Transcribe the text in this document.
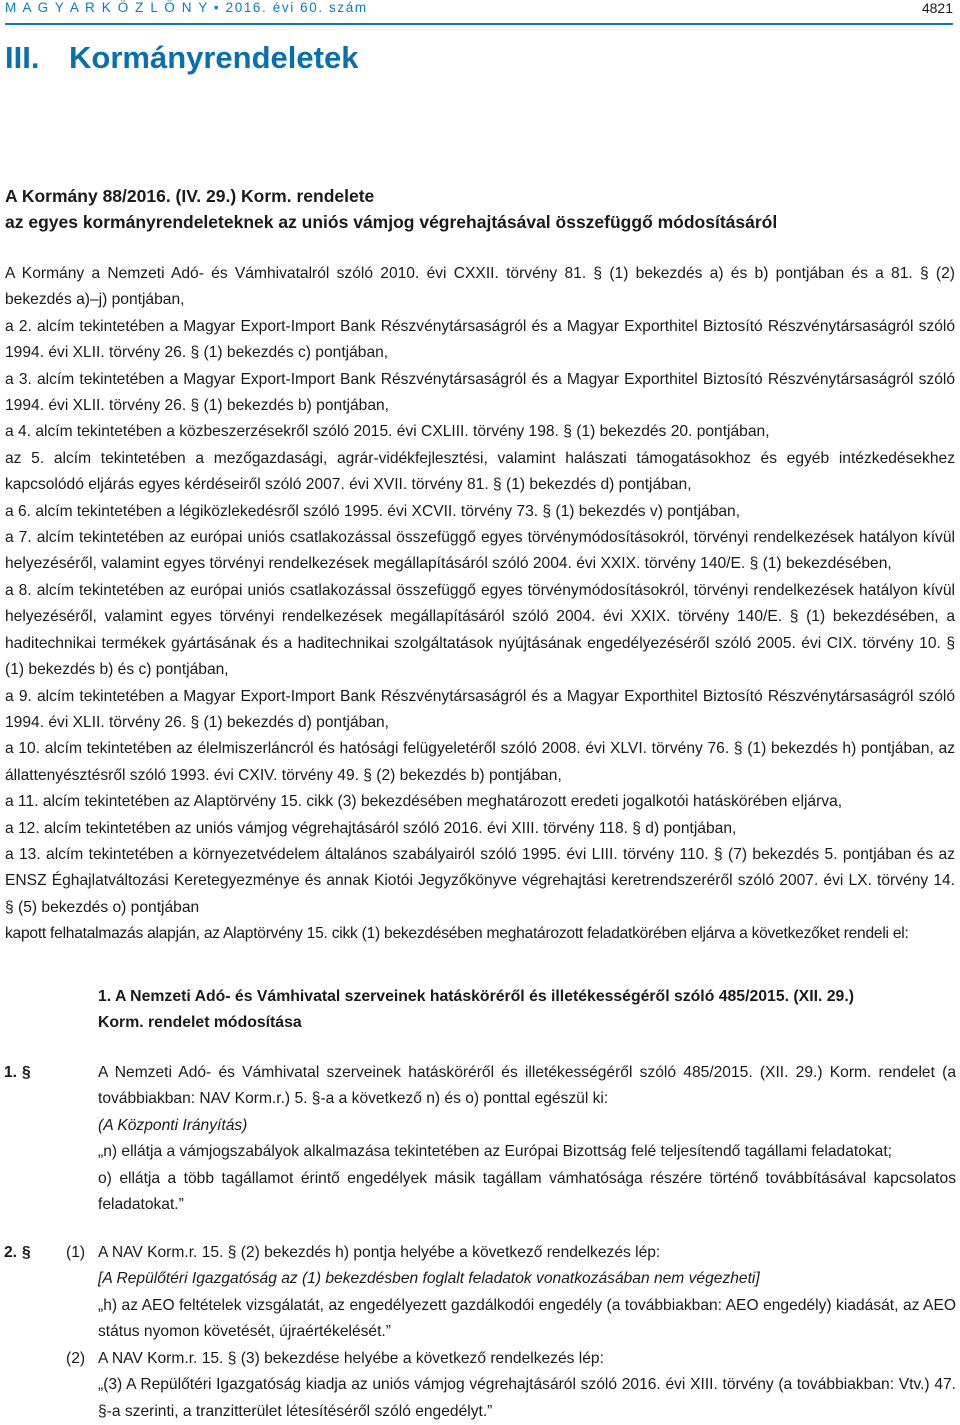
M A G Y A R K Ö Z L Ö N Y • 2016. évi 60. szám	4821
III. Kormányrendeletek
A Kormány 88/2016. (IV. 29.) Korm. rendelete
az egyes kormányrendeleteknek az uniós vámjog végrehajtásával összefüggő módosításáról

A Kormány a Nemzeti Adó- és Vámhivatalról szóló 2010. évi CXXII. törvény 81. § (1) bekezdés a) és b) pontjában és a 81. § (2) bekezdés a)–j) pontjában,

a 2. alcím tekintetében a Magyar Export-Import Bank Részvénytársaságról és a Magyar Exporthitel Biztosító Részvénytársaságról szóló 1994. évi XLII. törvény 26. § (1) bekezdés c) pontjában,

a 3. alcím tekintetében a Magyar Export-Import Bank Részvénytársaságról és a Magyar Exporthitel Biztosító Részvénytársaságról szóló 1994. évi XLII. törvény 26. § (1) bekezdés b) pontjában,

a 4. alcím tekintetében a közbeszerzésekről szóló 2015. évi CXLIII. törvény 198. § (1) bekezdés 20. pontjában,

az 5. alcím tekintetében a mezőgazdasági, agrár-vidékfejlesztési, valamint halászati támogatásokhoz és egyéb intézkedésekhez kapcsolódó eljárás egyes kérdéseiről szóló 2007. évi XVII. törvény 81. § (1) bekezdés d) pontjában,

a 6. alcím tekintetében a légiközlekedésről szóló 1995. évi XCVII. törvény 73. § (1) bekezdés v) pontjában,

a 7. alcím tekintetében az európai uniós csatlakozással összefüggő egyes törvénymódosításokról, törvényi rendelkezések hatályon kívül helyezéséről, valamint egyes törvényi rendelkezések megállapításáról szóló 2004. évi XXIX. törvény 140/E. § (1) bekezdésében,

a 8. alcím tekintetében az európai uniós csatlakozással összefüggő egyes törvénymódosításokról, törvényi rendelkezések hatályon kívül helyezéséről, valamint egyes törvényi rendelkezések megállapításáról szóló 2004. évi XXIX. törvény 140/E. § (1) bekezdésében, a haditechnikai termékek gyártásának és a haditechnikai szolgáltatások nyújtásának engedélyezéséről szóló 2005. évi CIX. törvény 10. § (1) bekezdés b) és c) pontjában,

a 9. alcím tekintetében a Magyar Export-Import Bank Részvénytársaságról és a Magyar Exporthitel Biztosító Részvénytársaságról szóló 1994. évi XLII. törvény 26. § (1) bekezdés d) pontjában,

a 10. alcím tekintetében az élelmiszerláncról és hatósági felügyeletéről szóló 2008. évi XLVI. törvény 76. § (1) bekezdés h) pontjában, az állattenyésztésről szóló 1993. évi CXIV. törvény 49. § (2) bekezdés b) pontjában,

a 11. alcím tekintetében az Alaptörvény 15. cikk (3) bekezdésében meghatározott eredeti jogalkotói hatáskörében eljárva,

a 12. alcím tekintetében az uniós vámjog végrehajtásáról szóló 2016. évi XIII. törvény 118. § d) pontjában,

a 13. alcím tekintetében a környezetvédelem általános szabályairól szóló 1995. évi LIII. törvény 110. § (7) bekezdés 5. pontjában és az ENSZ Éghajlatváltozási Keretegyezménye és annak Kiotói Jegyzőkönyve végrehajtási keretrendszeréről szóló 2007. évi LX. törvény 14. § (5) bekezdés o) pontjában

kapott felhatalmazás alapján, az Alaptörvény 15. cikk (1) bekezdésében meghatározott feladatkörében eljárva a következőket rendeli el:

1. A Nemzeti Adó- és Vámhivatal szerveinek hatásköréről és illetékességéről szóló 485/2015. (XII. 29.)
Korm. rendelet módosítása
1. §	A Nemzeti Adó- és Vámhivatal szerveinek hatásköréről és illetékességéről szóló 485/2015. (XII. 29.) Korm. rendelet (a továbbiakban: NAV Korm.r.) 5. §-a a következő n) és o) ponttal egészül ki:

(A Központi Irányítás)

„n) ellátja a vámjogszabályok alkalmazása tekintetében az Európai Bizottság felé teljesítendő tagállami feladatokat;

o) ellátja a több tagállamot érintő engedélyek másik tagállam vámhatósága részére történő továbbításával kapcsolatos feladatokat.”

2. § (1) A NAV Korm.r. 15. § (2) bekezdés h) pontja helyébe a következő rendelkezés lép:

[A Repülőtéri Igazgatóság az (1) bekezdésben foglalt feladatok vonatkozásában nem végezheti]

„h) az AEO feltételek vizsgálatát, az engedélyezett gazdálkodói engedély (a továbbiakban: AEO engedély) kiadását, az AEO státus nyomon követését, újraértékelését.”

(2) A NAV Korm.r. 15. § (3) bekezdése helyébe a következő rendelkezés lép:

„(3) A Repülőtéri Igazgatóság kiadja az uniós vámjog végrehajtásáról szóló 2016. évi XIII. törvény (a továbbiakban: Vtv.) 47. §-a szerinti, a tranzitterület létesítéséről szóló engedélyt.”
